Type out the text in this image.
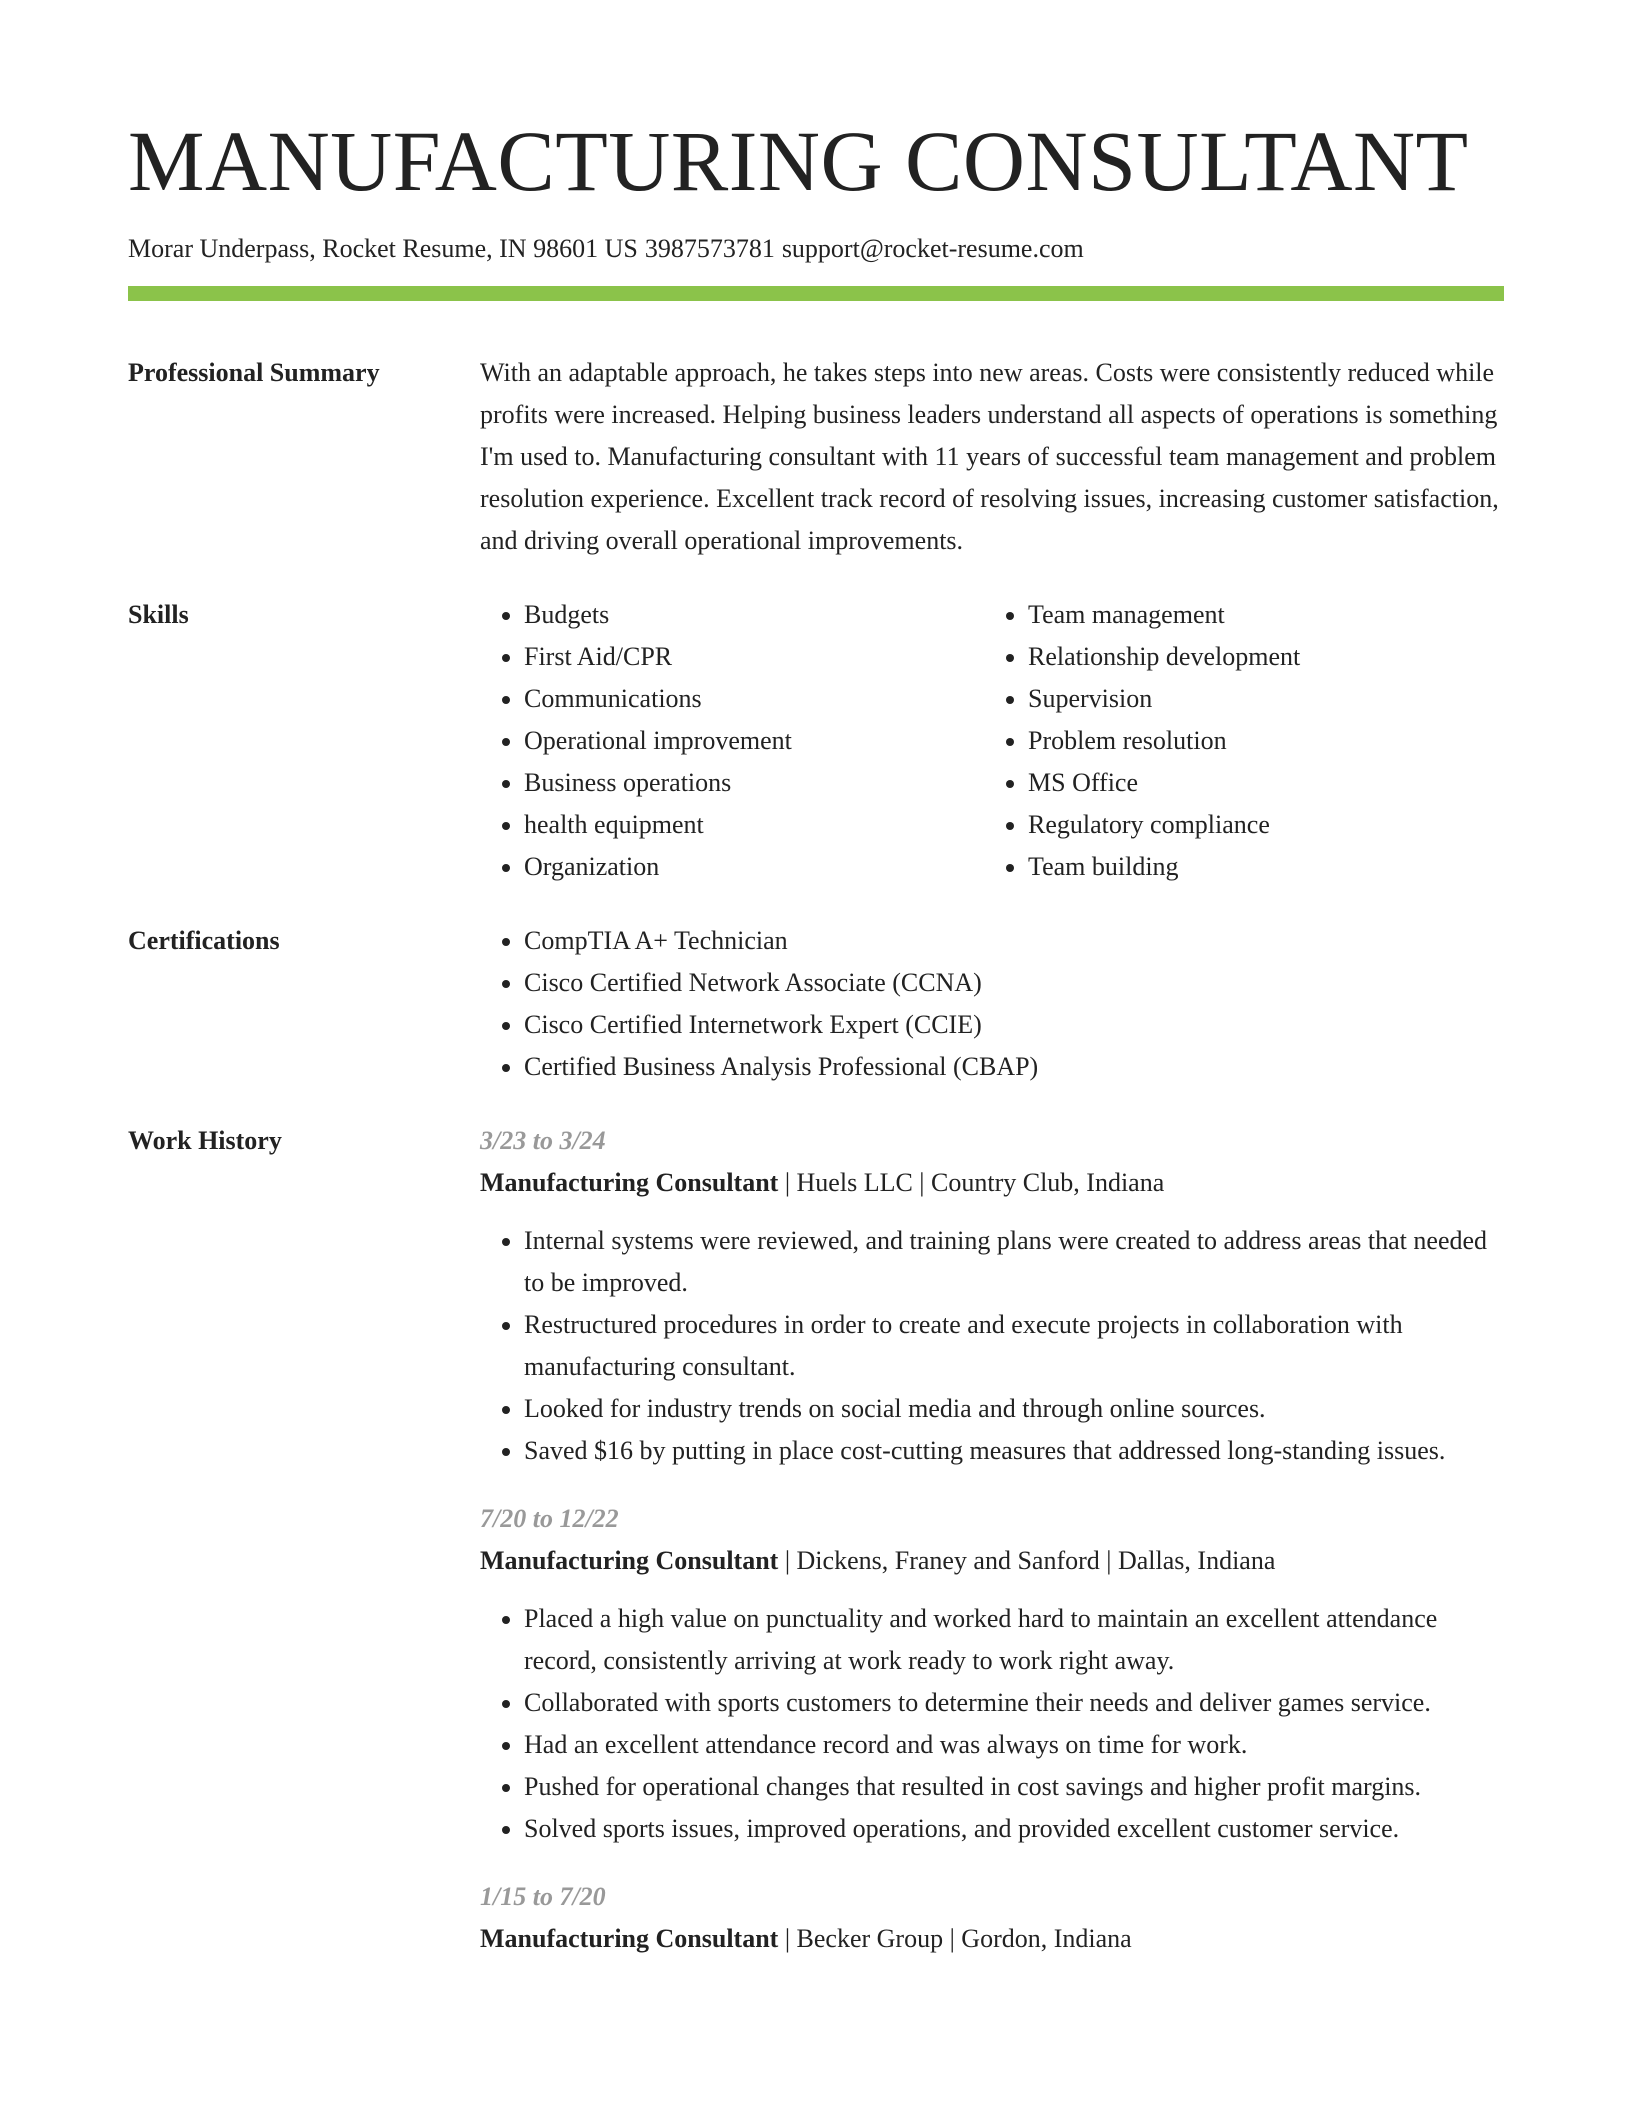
MANUFACTURING CONSULTANT
Morar Underpass, Rocket Resume, IN 98601 US 3987573781 support@rocket-resume.com
Professional Summary	With an adaptable approach, he takes steps into new areas. Costs were consistently reduced while profits were increased. Helping business leaders understand all aspects of operations is something I'm used to. Manufacturing consultant with 11 years of successful team management and problem resolution experience. Excellent track record of resolving issues, increasing customer satisfaction, and driving overall operational improvements.
Skills	• Budgets
• First Aid/CPR
• Communications
• Operational improvement
• Business operations
• health equipment
• Organization
• Team management
• Relationship development
• Supervision
• Problem resolution
• MS Office
• Regulatory compliance
• Team building
Certifications	• CompTIA A+ Technician
• Cisco Certified Network Associate (CCNA)
• Cisco Certified Internetwork Expert (CCIE)
• Certified Business Analysis Professional (CBAP)
Work History	3/23 to 3/24
Manufacturing Consultant | Huels LLC | Country Club, Indiana
• Internal systems were reviewed, and training plans were created to address areas that needed to be improved.
• Restructured procedures in order to create and execute projects in collaboration with manufacturing consultant.
• Looked for industry trends on social media and through online sources.
• Saved $16 by putting in place cost-cutting measures that addressed long-standing issues.
7/20 to 12/22
Manufacturing Consultant | Dickens, Franey and Sanford | Dallas, Indiana
• Placed a high value on punctuality and worked hard to maintain an excellent attendance record, consistently arriving at work ready to work right away.
• Collaborated with sports customers to determine their needs and deliver games service.
• Had an excellent attendance record and was always on time for work.
• Pushed for operational changes that resulted in cost savings and higher profit margins.
• Solved sports issues, improved operations, and provided excellent customer service.
1/15 to 7/20
Manufacturing Consultant | Becker Group | Gordon, Indiana
